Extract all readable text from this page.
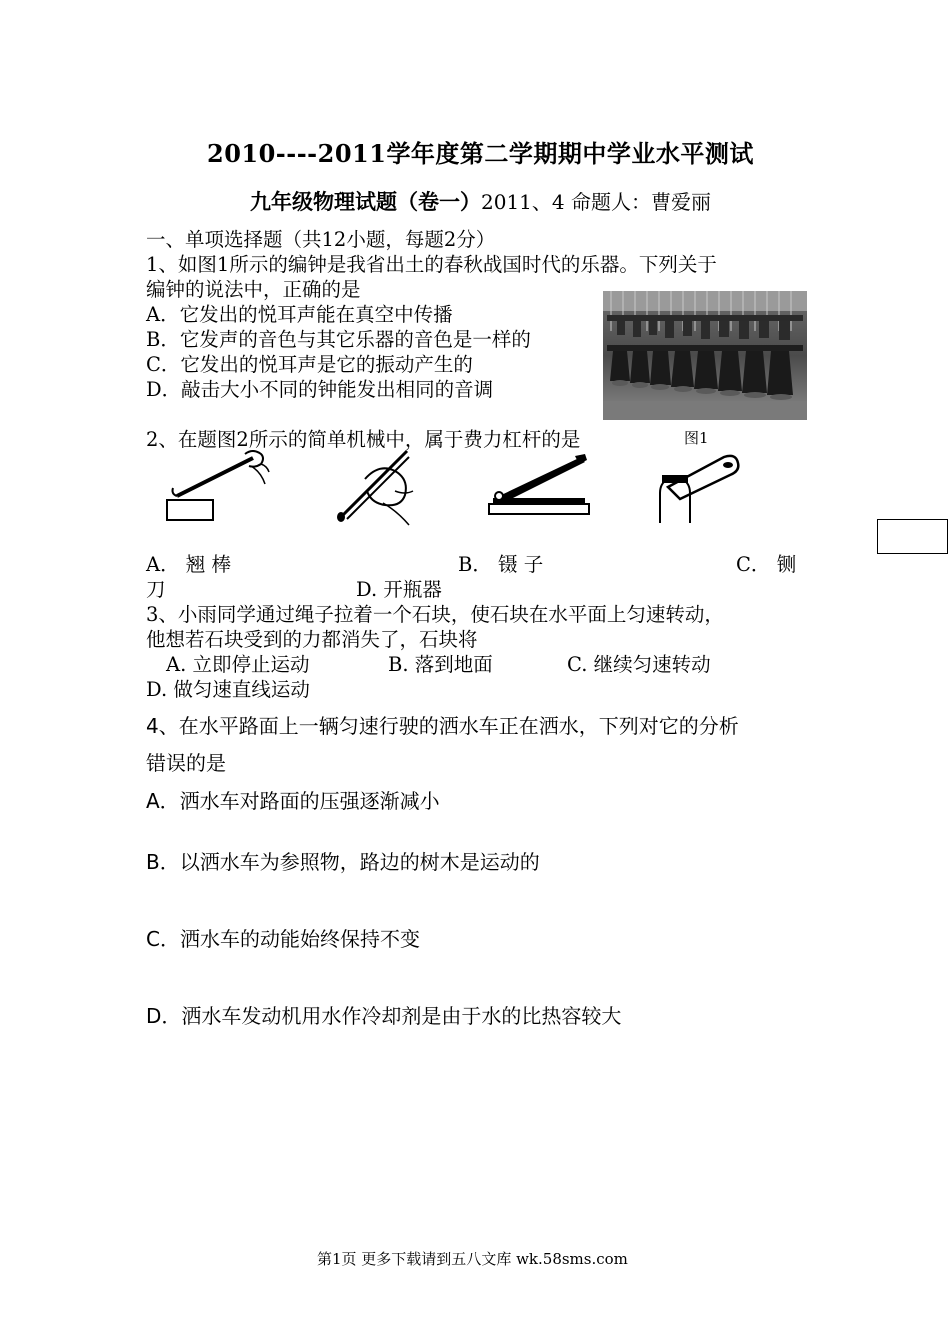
2010----2011学年度第二学期期中学业水平测试
九年级物理试题（卷一）2011、4 命题人：曹爱丽
一、单项选择题（共12小题，每题2分）
1、如图1所示的编钟是我省出土的春秋战国时代的乐器。下列关于
编钟的说法中，正确的是
A．它发出的悦耳声能在真空中传播
B．它发声的音色与其它乐器的音色是一样的
C．它发出的悦耳声是它的振动产生的
D．敲击大小不同的钟能发出相同的音调
图1
2、在题图2所示的简单机械中，属于费力杠杆的是
A． 翘 棒	B． 镊 子	C． 铡
刀	D. 开瓶器
3、小雨同学通过绳子拉着一个石块，使石块在水平面上匀速转动，
他想若石块受到的力都消失了，石块将
A. 立即停止运动	B. 落到地面	C. 继续匀速转动
D. 做匀速直线运动
4、在水平路面上一辆匀速行驶的洒水车正在洒水，下列对它的分析
错误的是
A．洒水车对路面的压强逐渐减小
B．以洒水车为参照物，路边的树木是运动的
C．洒水车的动能始终保持不变
D．洒水车发动机用水作冷却剂是由于水的比热容较大
第1页 更多下载请到五八文库 wk.58sms.com
